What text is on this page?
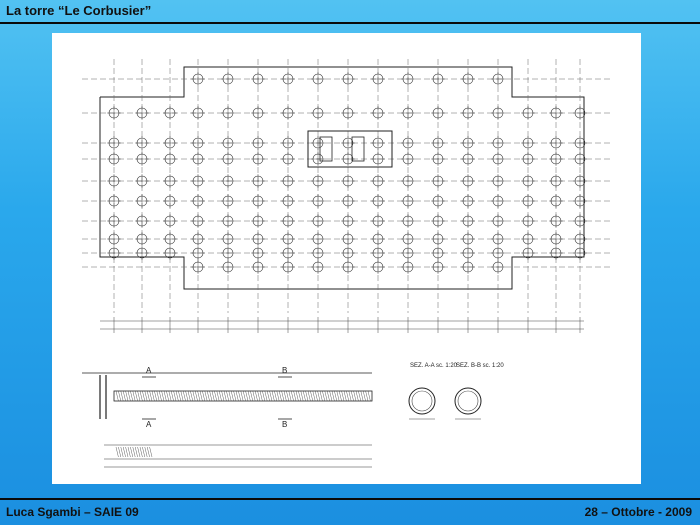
La torre “Le Corbusier”
A
A
B
B
SEZ. A-A sc. 1:20
SEZ. B-B sc. 1:20
Luca Sgambi – SAIE 09	28 – Ottobre - 2009
